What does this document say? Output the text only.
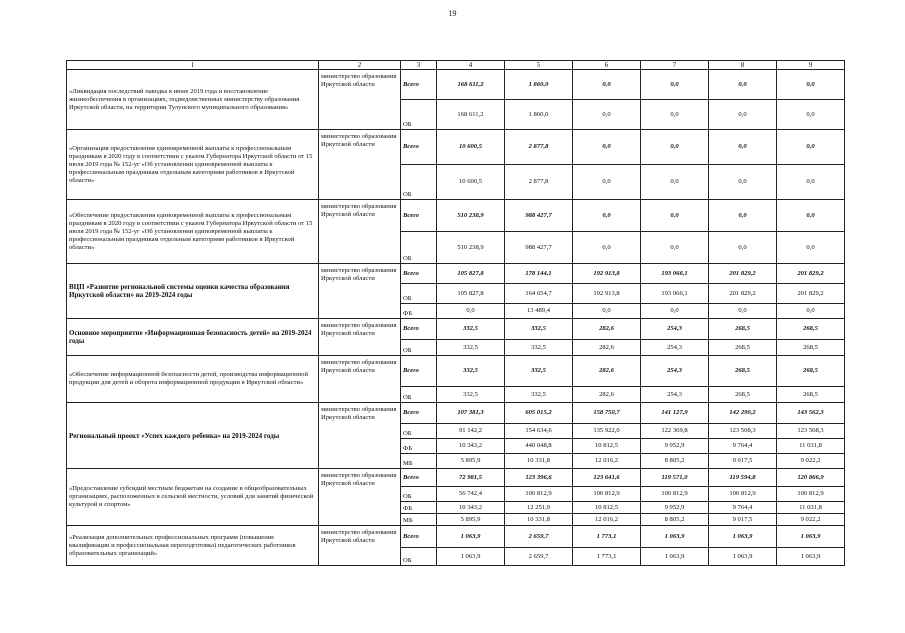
19
1	2	3	4	5	6	7	8	9
«Ликвидация последствий паводка в июне 2019 года и восстановление жизнеобеспечения в организациях, подведомственных министерству образования Иркутской области, на территории Тулунского муниципального образования»	министерство образования Иркутской области	Всего	168 611,2	1 860,0	0,0	0,0	0,0	0,0
		ОБ	168 611,2	1 860,0	0,0	0,0	0,0	0,0
«Организация предоставления единовременной выплаты к профессиональным праздникам в 2020 году в соответствии с указом Губернатора Иркутской области от 15 июля 2019 года № 152-уг «Об установлении единовременной выплаты к профессиональным праздникам отдельным категориям работников в Иркутской области»	министерство образования Иркутской области	Всего	10 600,5	2 877,8	0,0	0,0	0,0	0,0
		ОБ	10 600,5	2 877,8	0,0	0,0	0,0	0,0
«Обеспечение предоставления единовременной выплаты к профессиональным праздникам в 2020 году в соответствии с указом Губернатора Иркутской области от 15 июля 2019 года № 152-уг «Об установлении единовременной выплаты к профессиональным праздникам отдельным категориям работников в Иркутской области»	министерство образования Иркутской области	Всего	510 238,9	988 427,7	0,0	0,0	0,0	0,0
		ОБ	510 238,9	988 427,7	0,0	0,0	0,0	0,0
ВЦП «Развитие региональной системы оценки качества образования Иркутской области» на 2019-2024 годы	министерство образования Иркутской области	Всего	105 827,8	178 144,1	192 913,8	193 066,1	201 829,2	201 829,2
		ОБ	105 827,8	164 654,7	192 913,8	193 066,1	201 829,2	201 829,2
		ФБ	0,0	13 489,4	0,0	0,0	0,0	0,0
Основное мероприятие «Информационная безопасность детей» на 2019-2024 годы	министерство образования Иркутской области	Всего	332,5	332,5	282,6	254,3	268,5	268,5
		ОБ	332,5	332,5	282,6	254,3	268,5	268,5
«Обеспечение информационной безопасности детей, производства информационной продукции для детей и оборота информационной продукции в Иркутской области»	министерство образования Иркутской области	Всего	332,5	332,5	282,6	254,3	268,5	268,5
		ОБ	332,5	332,5	282,6	254,3	268,5	268,5
Региональный проект «Успех каждого ребенка» на 2019-2024 годы	министерство образования Иркутской области	Всего	107 381,3	605 015,2	158 750,7	141 127,9	142 290,2	143 562,3
		ОБ	91 142,2	154 634,6	135 922,0	122 369,8	123 508,3	123 508,3
		ФБ	10 343,2	440 048,8	10 812,5	9 952,9	9 764,4	11 031,8
		МБ	5 895,9	10 331,8	12 016,2	8 805,2	9 017,5	9 022,2
«Предоставление субсидий местным бюджетам на создание в общеобразовательных организациях, расположенных в сельской местности, условий для занятий физической культурой и спортом»	министерство образования Иркутской области	Всего	72 981,5	123 396,6	123 641,6	119 571,0	119 594,8	120 866,9
		ОБ	56 742,4	100 812,9	100 812,9	100 812,9	100 812,9	100 812,9
		ФБ	10 343,2	12 251,9	10 812,5	9 952,9	9 764,4	11 031,8
		МБ	5 895,9	10 331,8	12 016,2	8 805,2	9 017,5	9 022,2
«Реализация дополнительных профессиональных программ (повышение квалификации и профессиональная переподготовка) педагогических работников образовательных организаций»	министерство образования Иркутской области	Всего	1 063,9	2 659,7	1 773,1	1 063,9	1 063,9	1 063,9
		ОБ	1 063,9	2 659,7	1 773,1	1 063,9	1 063,9	1 063,9
